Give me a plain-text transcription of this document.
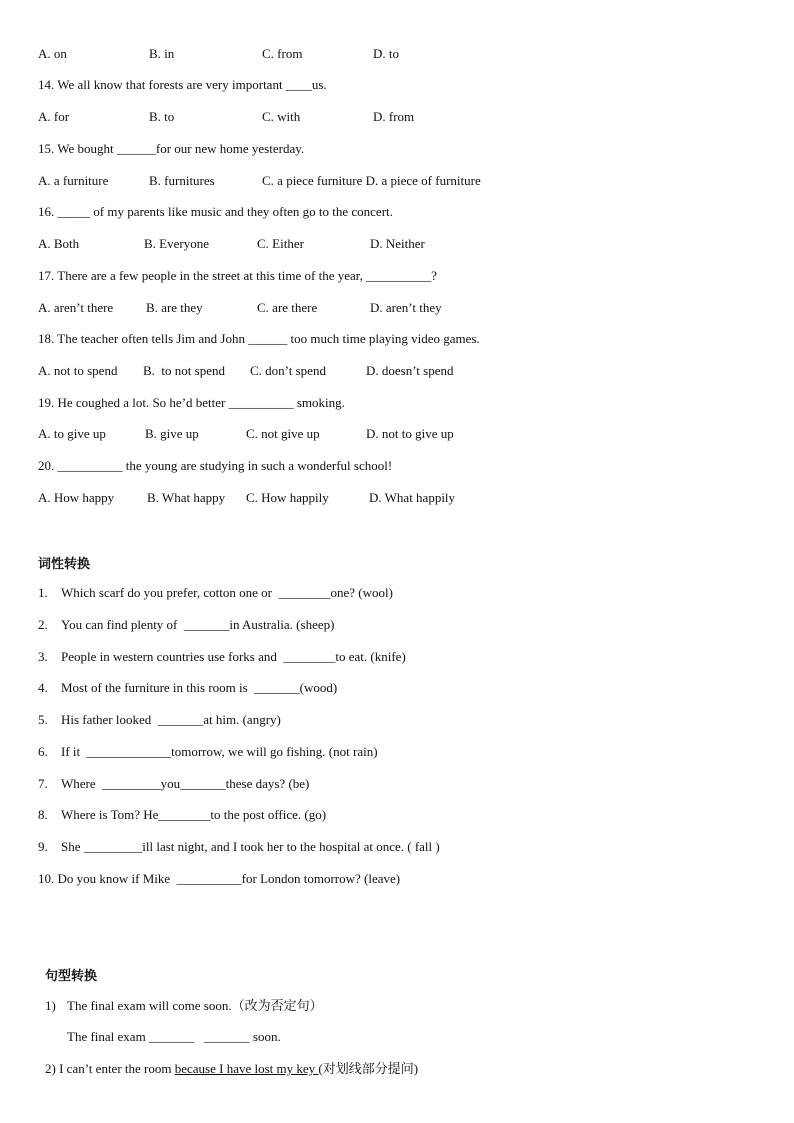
A. on	B. in	C. from	D. to
14. We all know that forests are very important ____us.
A. for	B. to	C. with	D. from
15. We bought ______for our new home yesterday.
A. a furniture	B. furnitures	C. a piece furniture D. a piece of furniture
16. _____ of my parents like music and they often go to the concert.
A. Both	B. Everyone	C. Either	D. Neither
17. There are a few people in the street at this time of the year, __________?
A. aren’t there	B. are they	C. are there	D. aren’t they
18. The teacher often tells Jim and John ______ too much time playing video games.
A. not to spend B.  to not spend C. don’t spend	D. doesn’t spend
19. He coughed a lot. So he’d better __________ smoking.
A. to give up	B. give up	C. not give up	D. not to give up
20. __________ the young are studying in such a wonderful school!
A. How happy	B. What happy C. How happily	D. What happily
词性转换
1. Which scarf do you prefer, cotton one or  ________one? (wool)
2. You can find plenty of  _______in Australia. (sheep)
3. People in western countries use forks and  ________to eat. (knife)
4. Most of the furniture in this room is  _______(wood)
5. His father looked  _______at him. (angry)
6. If it  _____________tomorrow, we will go fishing. (not rain)
7. Where  _________you_______these days? (be)
8. Where is Tom? He________to the post office. (go)
9. She _________ill last night, and I took her to the hospital at once. ( fall )
10. Do you know if Mike  __________for London tomorrow? (leave)
句型转换
1) The final exam will come soon.（改为否定句）
The final exam _______   _______ soon.
2) I can’t enter the room because I have lost my key (对划线部分提问)
